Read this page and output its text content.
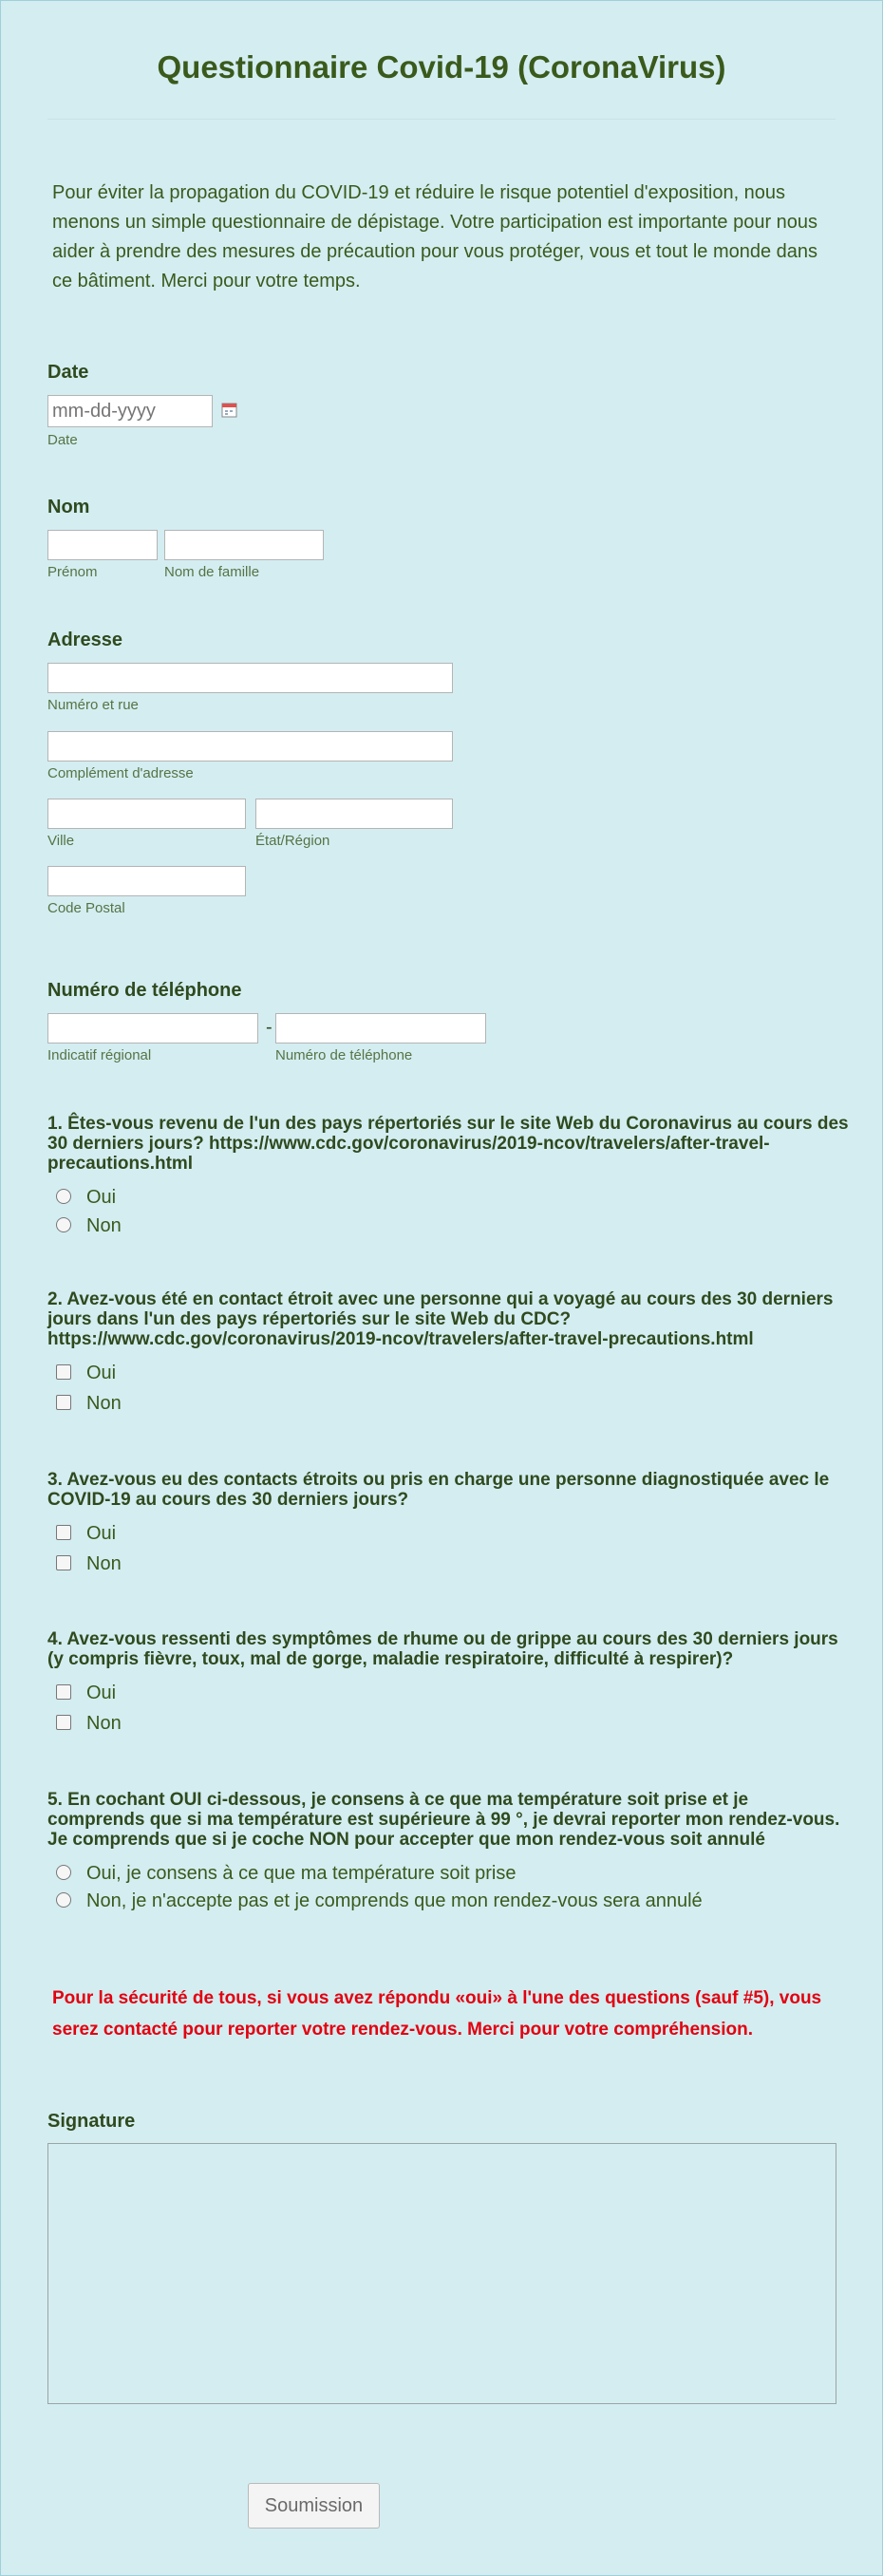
Questionnaire Covid-19 (CoronaVirus)
Pour éviter la propagation du COVID-19 et réduire le risque potentiel d'exposition, nous menons un simple questionnaire de dépistage. Votre participation est importante pour nous aider à prendre des mesures de précaution pour vous protéger, vous et tout le monde dans ce bâtiment. Merci pour votre temps.
Date
mm-dd-yyyy
Date
Nom
Prénom	Nom de famille
Adresse
Numéro et rue
Complément d'adresse
Ville	État/Région
Code Postal
Numéro de téléphone
-
Indicatif régional	Numéro de téléphone
1. Êtes-vous revenu de l'un des pays répertoriés sur le site Web du Coronavirus au cours des 30 derniers jours? https://www.cdc.gov/coronavirus/2019-ncov/travelers/after-travel-precautions.html
Oui
Non
2. Avez-vous été en contact étroit avec une personne qui a voyagé au cours des 30 derniers jours dans l'un des pays répertoriés sur le site Web du CDC? https://www.cdc.gov/coronavirus/2019-ncov/travelers/after-travel-precautions.html
Oui
Non
3. Avez-vous eu des contacts étroits ou pris en charge une personne diagnostiquée avec le COVID-19 au cours des 30 derniers jours?
Oui
Non
4. Avez-vous ressenti des symptômes de rhume ou de grippe au cours des 30 derniers jours (y compris fièvre, toux, mal de gorge, maladie respiratoire, difficulté à respirer)?
Oui
Non
5. En cochant OUI ci-dessous, je consens à ce que ma température soit prise et je comprends que si ma température est supérieure à 99 °, je devrai reporter mon rendez-vous. Je comprends que si je coche NON pour accepter que mon rendez-vous soit annulé
Oui, je consens à ce que ma température soit prise
Non, je n'accepte pas et je comprends que mon rendez-vous sera annulé
Pour la sécurité de tous, si vous avez répondu «oui» à l'une des questions (sauf #5), vous serez contacté pour reporter votre rendez-vous. Merci pour votre compréhension.
Signature
Soumission
